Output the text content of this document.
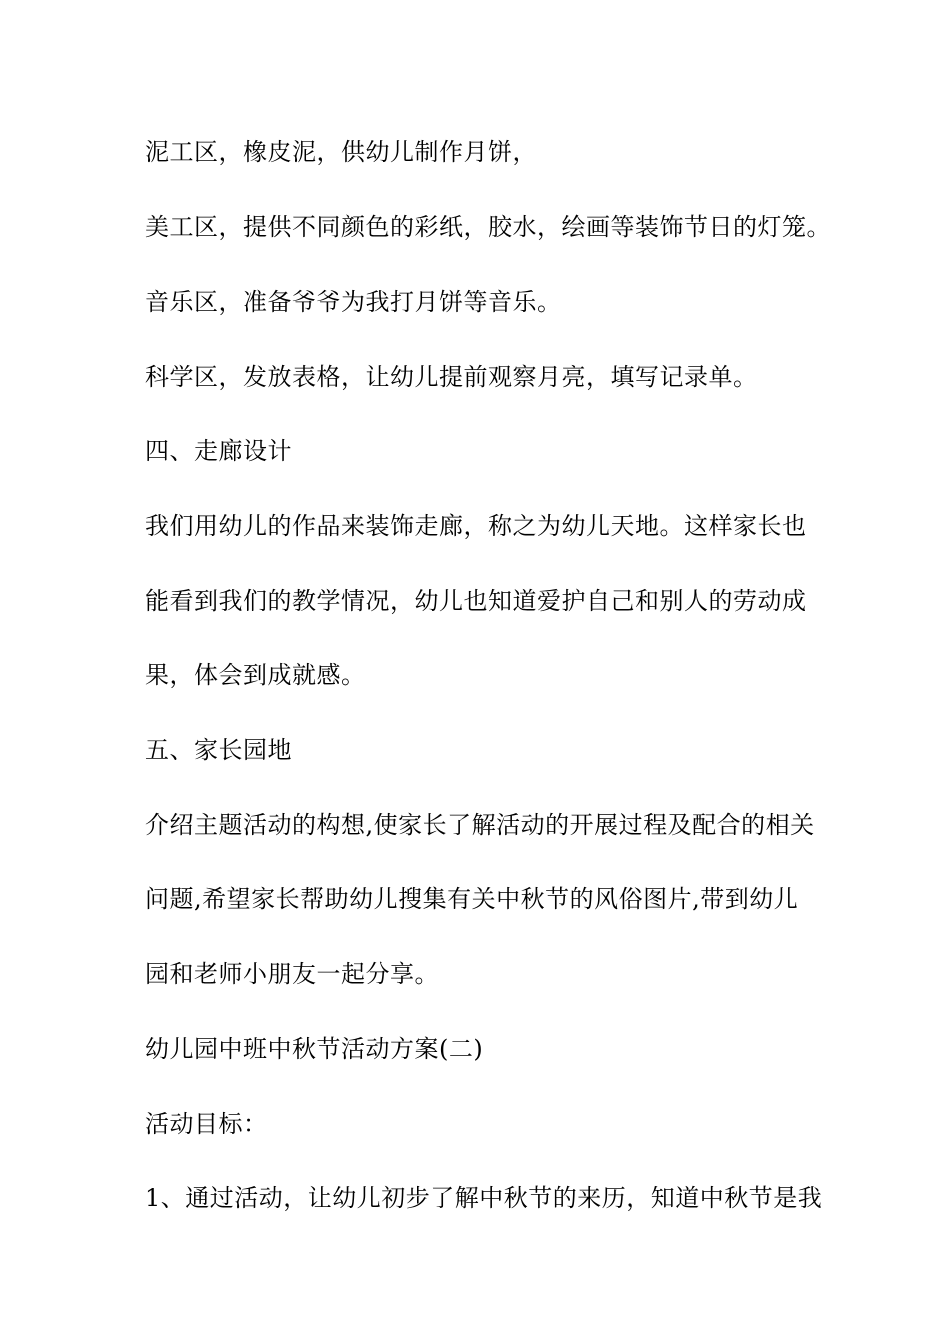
泥工区，橡皮泥，供幼儿制作月饼，
美工区，提供不同颜色的彩纸，胶水，绘画等装饰节日的灯笼。
音乐区，准备爷爷为我打月饼等音乐。
科学区，发放表格，让幼儿提前观察月亮，填写记录单。
四、走廊设计
我们用幼儿的作品来装饰走廊，称之为幼儿天地。这样家长也
能看到我们的教学情况，幼儿也知道爱护自己和别人的劳动成
果，体会到成就感。
五、家长园地
介绍主题活动的构想,使家长了解活动的开展过程及配合的相关
问题,希望家长帮助幼儿搜集有关中秋节的风俗图片,带到幼儿
园和老师小朋友一起分享。
幼儿园中班中秋节活动方案(二)
活动目标：
1、通过活动，让幼儿初步了解中秋节的来历，知道中秋节是我
